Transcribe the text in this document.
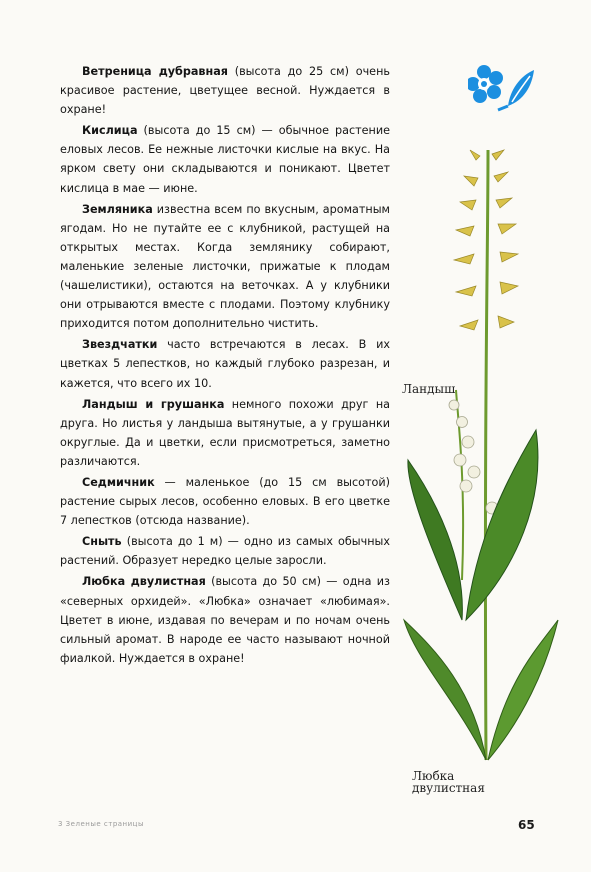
Ветреница дубравная (высота до 25 см) очень красивое растение, цветущее весной. Нуждается в охране!

Кислица (высота до 15 см) — обычное растение еловых лесов. Ее нежные листочки кислые на вкус. На ярком свету они складываются и поникают. Цветет кислица в мае — июне.

Земляника известна всем по вкусным, ароматным ягодам. Но не путайте ее с клубникой, растущей на открытых местах. Когда землянику собирают, маленькие зеленые листочки, прижатые к плодам (чашелистики), остаются на веточках. А у клубники они отрываются вместе с плодами. Поэтому клубнику приходится потом дополнительно чистить.

Звездчатки часто встречаются в лесах. В их цветках 5 лепестков, но каждый глубоко разрезан, и кажется, что всего их 10.

Ландыш и грушанка немного похожи друг на друга. Но листья у ландыша вытянутые, а у грушанки округлые. Да и цветки, если присмотреться, заметно различаются.

Седмичник — маленькое (до 15 см высотой) растение сырых лесов, особенно еловых. В его цветке 7 лепестков (отсюда название).

Сныть (высота до 1 м) — одно из самых обычных растений. Образует нередко целые заросли.

Любка двулистная (высота до 50 см) — одна из «северных орхидей». «Любка» означает «любимая». Цветет в июне, издавая по вечерам и по ночам очень сильный аромат. В народе ее часто называют ночной фиалкой. Нуждается в охране!

Ландыш
Любка
двулистная
3 Зеленые страницы	65
